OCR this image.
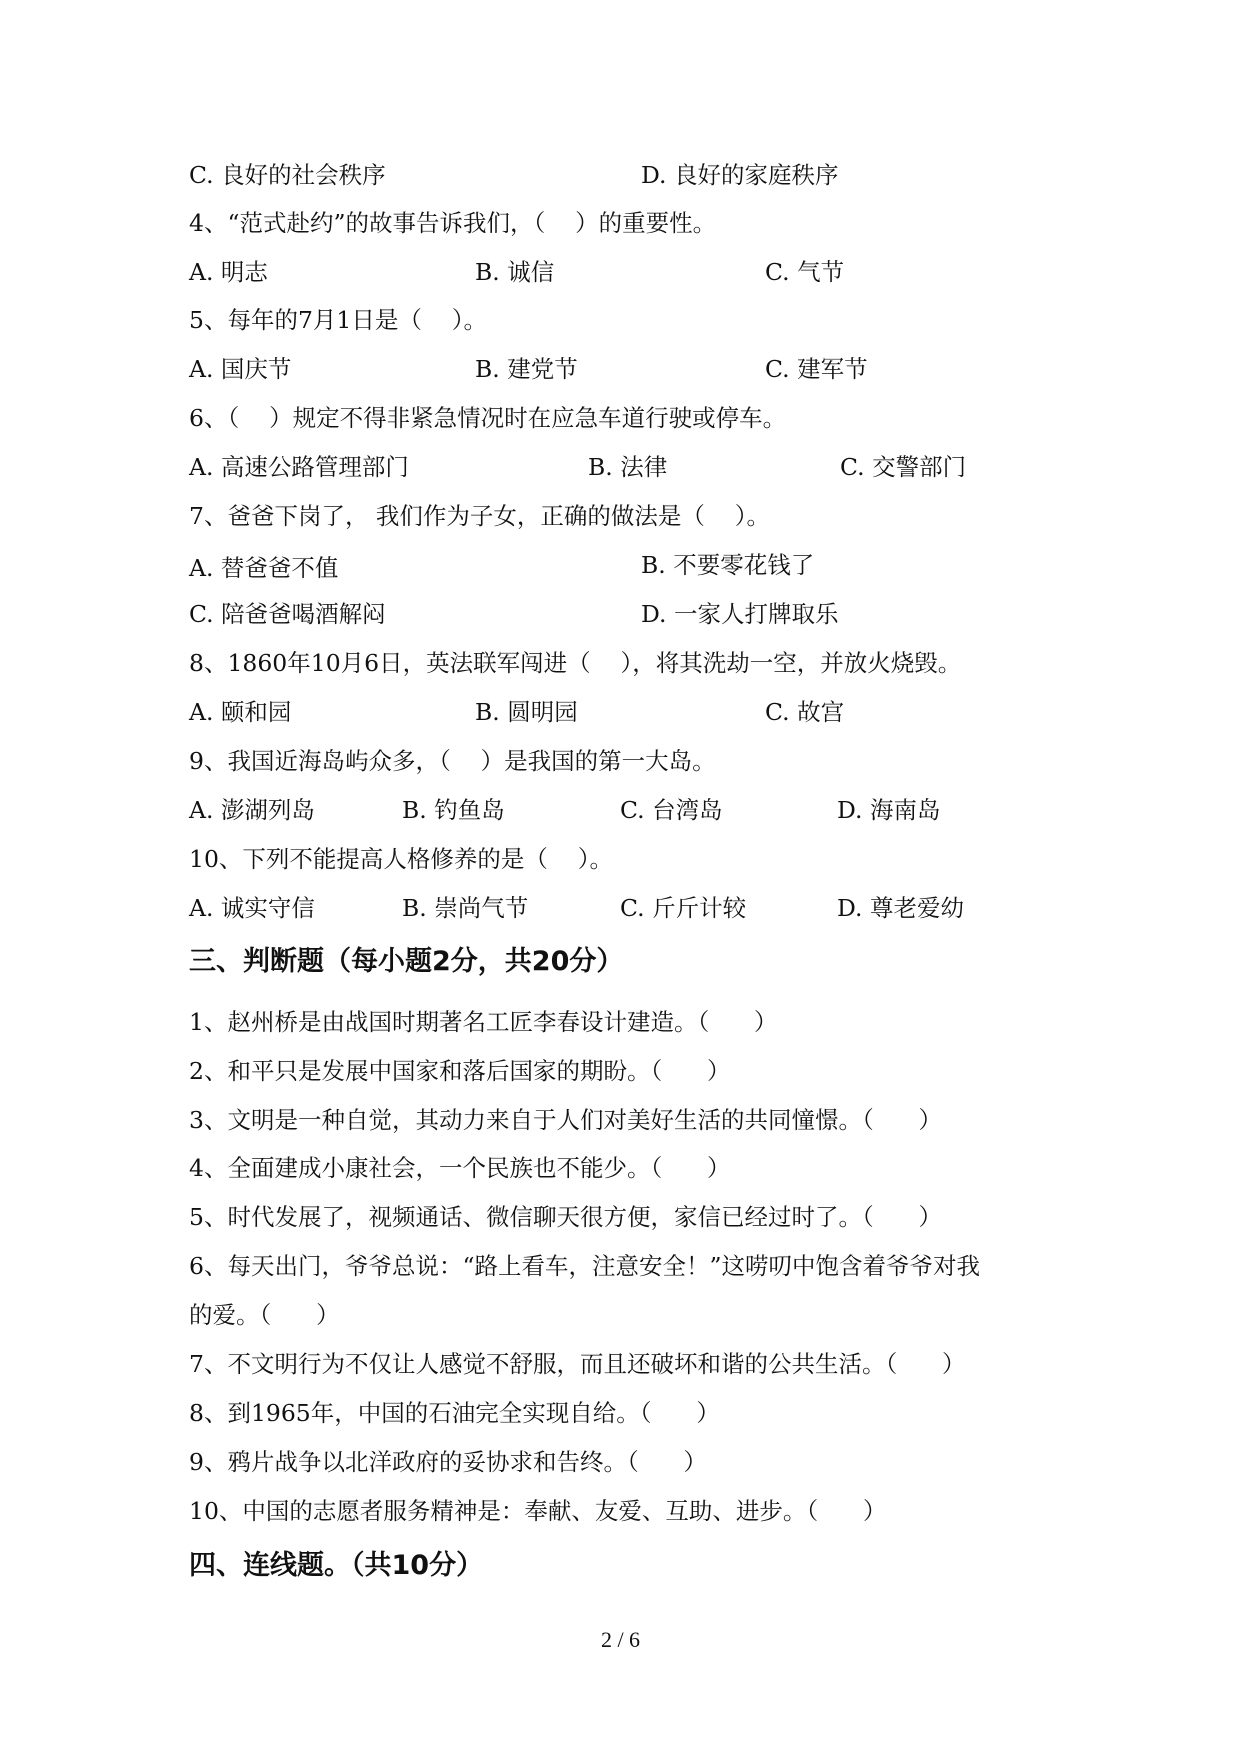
C. 良好的社会秩序	D. 良好的家庭秩序
4、“范式赴约”的故事告诉我们，（    ）的重要性。
A. 明志	B. 诚信	C. 气节
5、每年的7月1日是（    ）。
A. 国庆节	B. 建党节	C. 建军节
6、（    ）规定不得非紧急情况时在应急车道行驶或停车。
A. 高速公路管理部门	B. 法律	C. 交警部门
7、爸爸下岗了， 我们作为子女，正确的做法是（    ）。
A. 替爸爸不值	B. 不要零花钱了
C. 陪爸爸喝酒解闷	D. 一家人打牌取乐
8、1860年10月6日，英法联军闯进（    ），将其洗劫一空，并放火烧毁。
A. 颐和园	B. 圆明园	C. 故宫
9、我国近海岛屿众多，（    ）是我国的第一大岛。
A. 澎湖列岛	B. 钓鱼岛	C. 台湾岛	D. 海南岛
10、下列不能提高人格修养的是（    ）。
A. 诚实守信	B. 崇尚气节	C. 斤斤计较	D. 尊老爱幼
三、判断题（每小题2分，共20分）
1、赵州桥是由战国时期著名工匠李春设计建造。（      ）
2、和平只是发展中国家和落后国家的期盼。（      ）
3、文明是一种自觉，其动力来自于人们对美好生活的共同憧憬。（      ）
4、全面建成小康社会，一个民族也不能少。（      ）
5、时代发展了，视频通话、微信聊天很方便，家信已经过时了。（      ）
6、每天出门，爷爷总说：“路上看车，注意安全！”这唠叨中饱含着爷爷对我
的爱。（      ）
7、不文明行为不仅让人感觉不舒服，而且还破坏和谐的公共生活。（      ）
8、到1965年，中国的石油完全实现自给。（      ）
9、鸦片战争以北洋政府的妥协求和告终。（      ）
10、中国的志愿者服务精神是：奉献、友爱、互助、进步。（      ）
四、连线题。（共10分）
2 / 6
